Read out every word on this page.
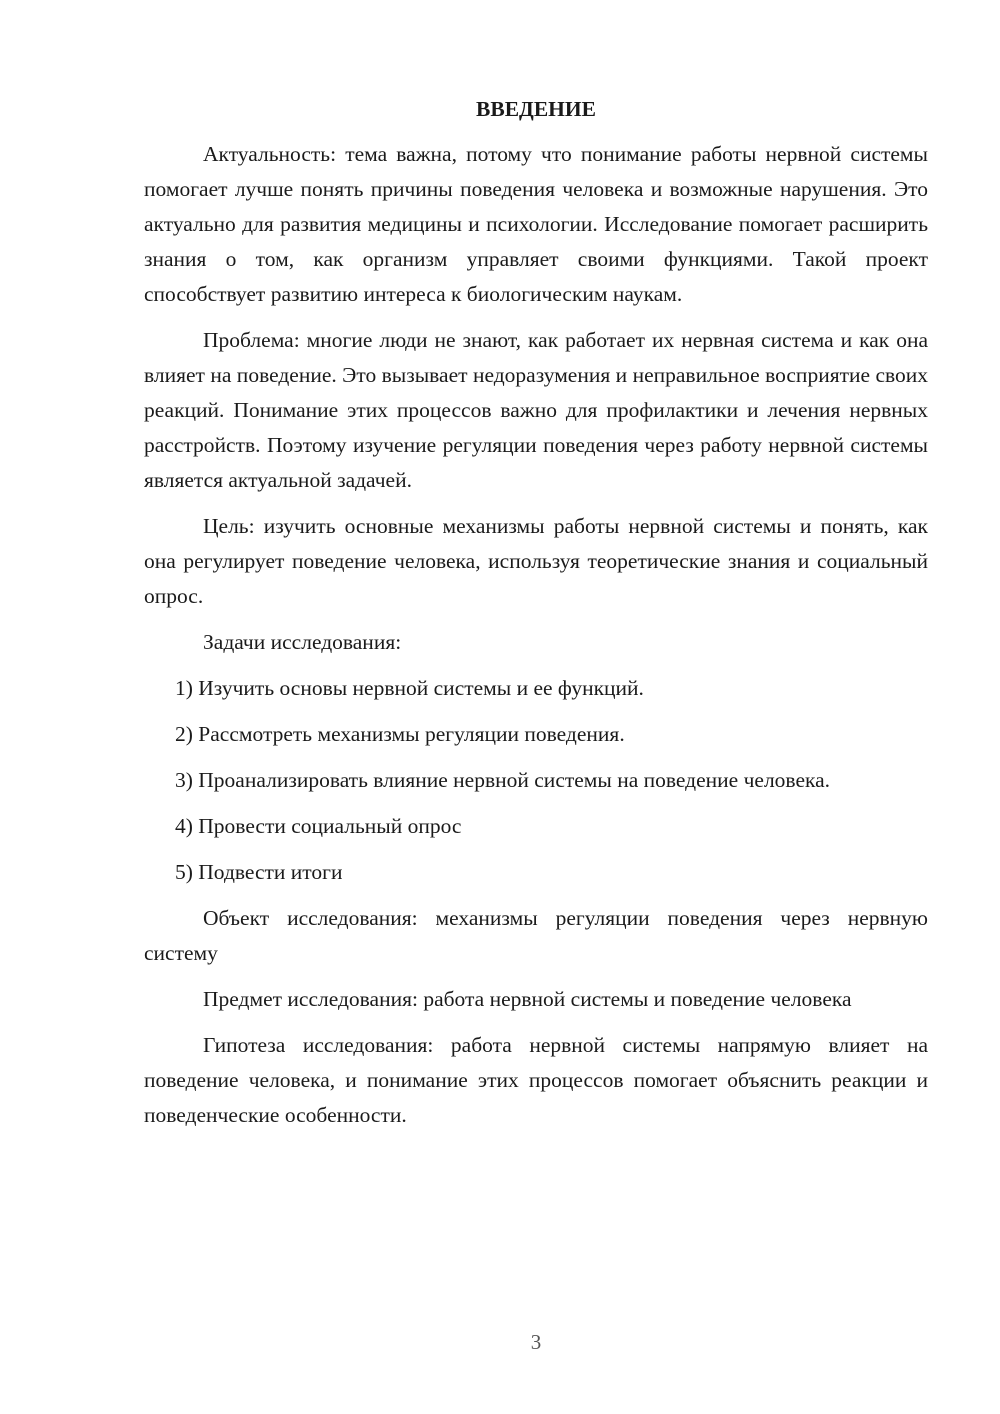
ВВЕДЕНИЕ

Актуальность: тема важна, потому что понимание работы нервной системы помогает лучше понять причины поведения человека и возможные нарушения. Это актуально для развития медицины и психологии. Исследование помогает расширить знания о том, как организм управляет своими функциями. Такой проект способствует развитию интереса к биологическим наукам.

Проблема: многие люди не знают, как работает их нервная система и как она влияет на поведение. Это вызывает недоразумения и неправильное восприятие своих реакций. Понимание этих процессов важно для профилактики и лечения нервных расстройств. Поэтому изучение регуляции поведения через работу нервной системы является актуальной задачей.

Цель: изучить основные механизмы работы нервной системы и понять, как она регулирует поведение человека, используя теоретические знания и социальный опрос.

Задачи исследования:

1) Изучить основы нервной системы и ее функций.

2) Рассмотреть механизмы регуляции поведения.

3) Проанализировать влияние нервной системы на поведение человека.

4) Провести социальный опрос

5) Подвести итоги

Объект исследования: механизмы регуляции поведения через нервную систему

Предмет исследования: работа нервной системы и поведение человека

Гипотеза исследования: работа нервной системы напрямую влияет на поведение человека, и понимание этих процессов помогает объяснить реакции и поведенческие особенности.

3
